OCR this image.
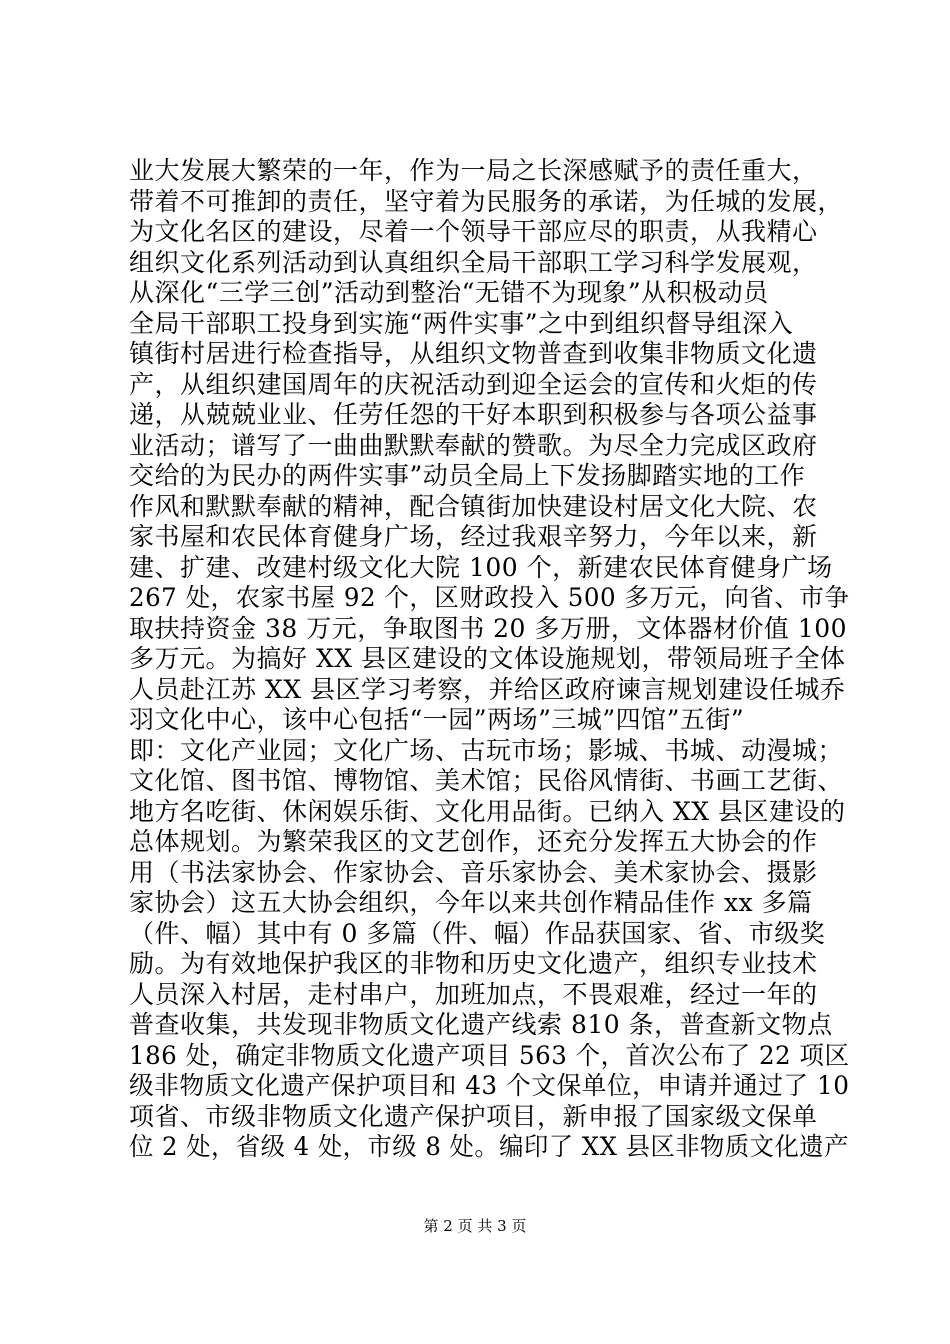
业大发展大繁荣的一年，作为一局之长深感赋予的责任重大，
带着不可推卸的责任，坚守着为民服务的承诺，为任城的发展，
为文化名区的建设，尽着一个领导干部应尽的职责，从我精心
组织文化系列活动到认真组织全局干部职工学习科学发展观，
从深化“三学三创”活动到整治“无错不为现象”从积极动员
全局干部职工投身到实施“两件实事”之中到组织督导组深入
镇街村居进行检查指导，从组织文物普查到收集非物质文化遗
产，从组织建国周年的庆祝活动到迎全运会的宣传和火炬的传
递，从兢兢业业、任劳任怨的干好本职到积极参与各项公益事
业活动；谱写了一曲曲默默奉献的赞歌。为尽全力完成区政府
交给的为民办的两件实事”动员全局上下发扬脚踏实地的工作
作风和默默奉献的精神，配合镇街加快建设村居文化大院、农
家书屋和农民体育健身广场，经过我艰辛努力，今年以来，新
建、扩建、改建村级文化大院 100 个，新建农民体育健身广场
267 处，农家书屋 92 个，区财政投入 500 多万元，向省、市争
取扶持资金 38 万元，争取图书 20 多万册，文体器材价值 100
多万元。为搞好 XX 县区建设的文体设施规划，带领局班子全体
人员赴江苏 XX 县区学习考察，并给区政府谏言规划建设任城乔
羽文化中心，该中心包括“一园”两场”三城”四馆”五街”
即：文化产业园；文化广场、古玩市场；影城、书城、动漫城；
文化馆、图书馆、博物馆、美术馆；民俗风情街、书画工艺街、
地方名吃街、休闲娱乐街、文化用品街。已纳入 XX 县区建设的
总体规划。为繁荣我区的文艺创作，还充分发挥五大协会的作
用（书法家协会、作家协会、音乐家协会、美术家协会、摄影
家协会）这五大协会组织，今年以来共创作精品佳作 xx 多篇
（件、幅）其中有 0 多篇（件、幅）作品获国家、省、市级奖
励。为有效地保护我区的非物和历史文化遗产，组织专业技术
人员深入村居，走村串户，加班加点，不畏艰难，经过一年的
普查收集，共发现非物质文化遗产线索 810 条，普查新文物点
186 处，确定非物质文化遗产项目 563 个，首次公布了 22 项区
级非物质文化遗产保护项目和 43 个文保单位，申请并通过了 10
项省、市级非物质文化遗产保护项目，新申报了国家级文保单
位 2 处，省级 4 处，市级 8 处。编印了 XX 县区非物质文化遗产
第 2 页 共 3 页
